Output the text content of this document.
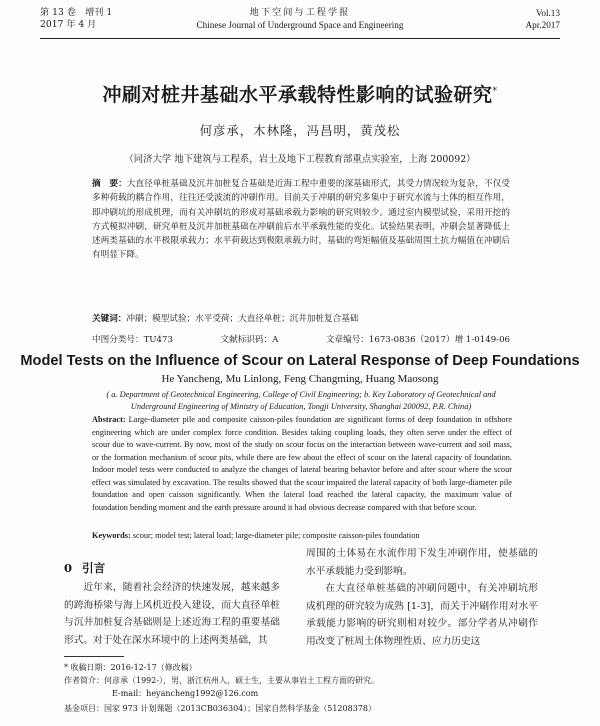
第 13 卷　增刊 1
2017 年 4 月
地下空间与工程学报
Chinese Journal of Underground Space and Engineering
Vol.13
Apr.2017
冲刷对桩井基础水平承载特性影响的试验研究*
何彦承，木林隆，冯昌明，黄茂松
（同济大学 地下建筑与工程系，岩土及地下工程教育部重点实验室，上海 200092）
摘　要：大直径单桩基础及沉井加桩复合基础是近海工程中重要的深基础形式，其受力情况较为复杂，不仅受多种荷载的耦合作用，往往还受波流的冲刷作用。目前关于冲刷的研究多集中于研究水流与土体的相互作用，即冲刷坑的形成机理，而有关冲刷坑的形成对基础承载力影响的研究则较少。通过室内模型试验，采用开挖的方式模拟冲刷，研究单桩及沉井加桩基础在冲刷前后水平承载性能的变化。试验结果表明，冲刷会显著降低上述两类基础的水平极限承载力；水平荷载达到极限承载力时，基础的弯矩幅值及基础周围土抗力幅值在冲刷后有明显下降。
关键词：冲刷；模型试验；水平受荷；大直径单桩；沉井加桩复合基础
中图分类号：TU473	文献标识码：A	文章编号：1673-0836（2017）增 1-0149-06
Model Tests on the Influence of Scour on Lateral Response of Deep Foundations
He Yancheng, Mu Linlong, Feng Changming, Huang Maosong
( a. Department of Geotechnical Engineering, College of Civil Engineering; b. Key Laboratory of Geotechnical and Underground Engineering of Ministry of Education, Tongji University, Shanghai 200092, P.R. China)
Abstract: Large-diameter pile and composite caisson-piles foundation are significant forms of deep foundation in offshore engineering which are under complex force condition. Besides taking coupling loads, they often serve under the effect of scour due to wave-current. By now, most of the study on scour focus on the interaction between wave-current and soil mass, or the formation mechanism of scour pits, while there are few about the effect of scour on the lateral capacity of foundation. Indoor model tests were conducted to analyze the changes of lateral bearing behavior before and after scour where the scour effect was simulated by excavation. The results showed that the scour impaired the lateral capacity of both large-diameter pile foundation and open caisson significantly. When the lateral load reached the lateral capacity, the maximum value of foundation bending moment and the earth pressure around it had obvious decrease compared with that before scour.
Keywords: scour; model test; lateral load; large-diameter pile; composite caisson-piles foundation
0 引言
近年来，随着社会经济的快速发展，越来越多的跨海桥梁与海上风机近投入建设，而大直径单桩与沉井加桩复合基础则是上述近海工程的重要基础形式。对于处在深水环境中的上述两类基础，其

周围的土体易在水流作用下发生冲刷作用，使基础的水平承载能力受到影响。

在大直径单桩基础的冲刷问题中，有关冲刷坑形成机理的研究较为成熟 [1-3]，而关于冲刷作用对水平承载能力影响的研究则相对较少。部分学者从冲刷作用改变了桩周土体物理性质、应力历史这

* 收稿日期：2016-12-17（修改稿）
作者简介：何彦承（1992-），男，浙江杭州人，硕士生，主要从事岩土工程方面的研究。
E-mail：heyancheng1992@126.com
基金项目：国家 973 计划课题（2013CB036304）；国家自然科学基金（51208378）
